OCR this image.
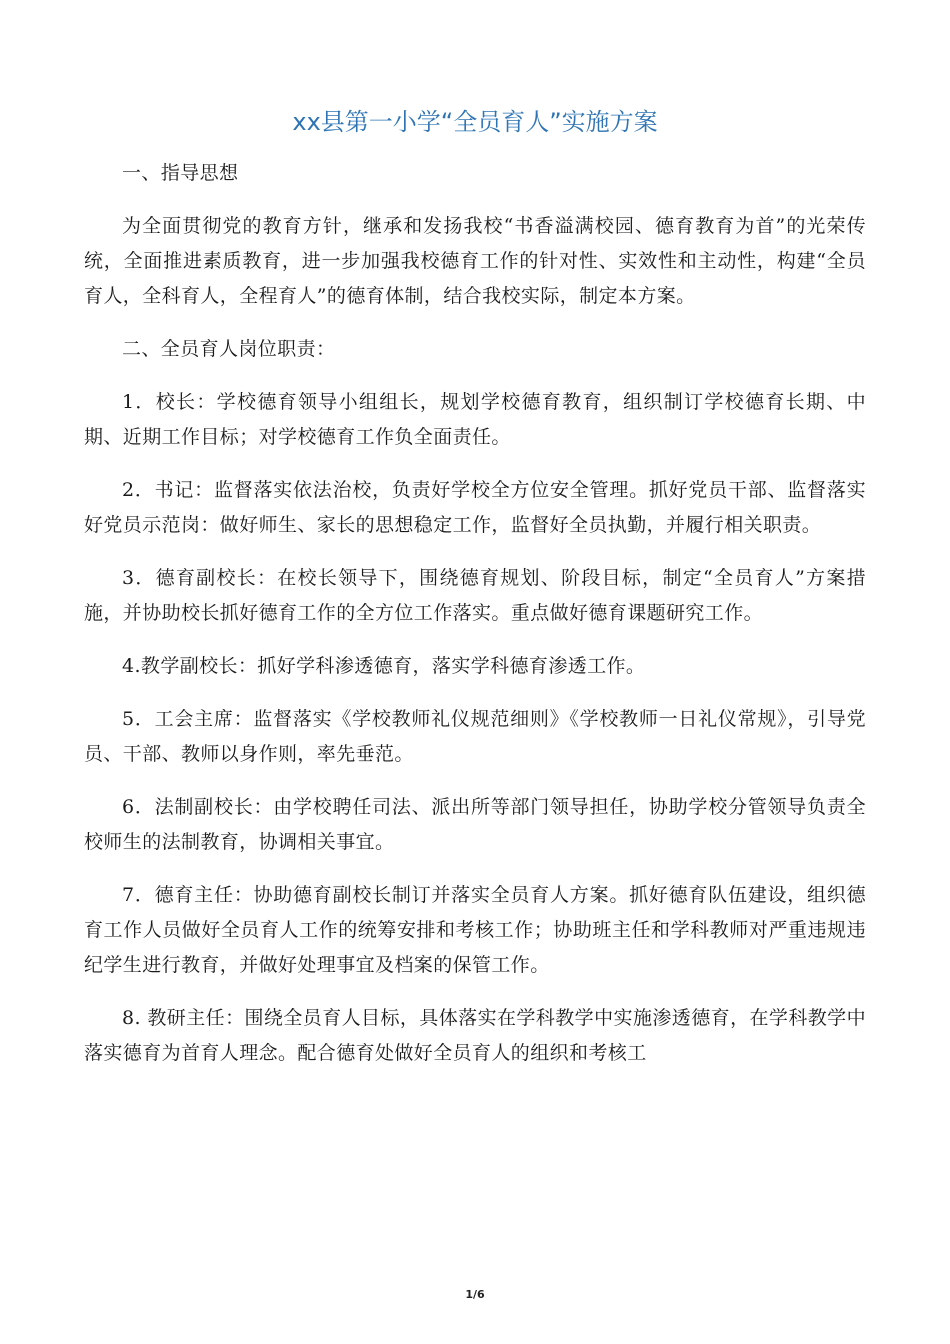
xx县第一小学“全员育人”实施方案

一、指导思想

为全面贯彻党的教育方针，继承和发扬我校“书香溢满校园、德育教育为首”的光荣传统，全面推进素质教育，进一步加强我校德育工作的针对性、实效性和主动性，构建“全员育人，全科育人，全程育人”的德育体制，结合我校实际，制定本方案。

二、全员育人岗位职责：

1．校长：学校德育领导小组组长，规划学校德育教育，组织制订学校德育长期、中期、近期工作目标；对学校德育工作负全面责任。

2．书记：监督落实依法治校，负责好学校全方位安全管理。抓好党员干部、监督落实好党员示范岗：做好师生、家长的思想稳定工作，监督好全员执勤，并履行相关职责。

3．德育副校长：在校长领导下，围绕德育规划、阶段目标，制定“全员育人”方案措施，并协助校长抓好德育工作的全方位工作落实。重点做好德育课题研究工作。

4.教学副校长：抓好学科渗透德育，落实学科德育渗透工作。

5．工会主席：监督落实《学校教师礼仪规范细则》《学校教师一日礼仪常规》，引导党员、干部、教师以身作则，率先垂范。

6．法制副校长：由学校聘任司法、派出所等部门领导担任，协助学校分管领导负责全校师生的法制教育，协调相关事宜。

7．德育主任：协助德育副校长制订并落实全员育人方案。抓好德育队伍建设，组织德育工作人员做好全员育人工作的统筹安排和考核工作；协助班主任和学科教师对严重违规违纪学生进行教育，并做好处理事宜及档案的保管工作。

8. 教研主任：围绕全员育人目标，具体落实在学科教学中实施渗透德育，在学科教学中落实德育为首育人理念。配合德育处做好全员育人的组织和考核工

1/6
